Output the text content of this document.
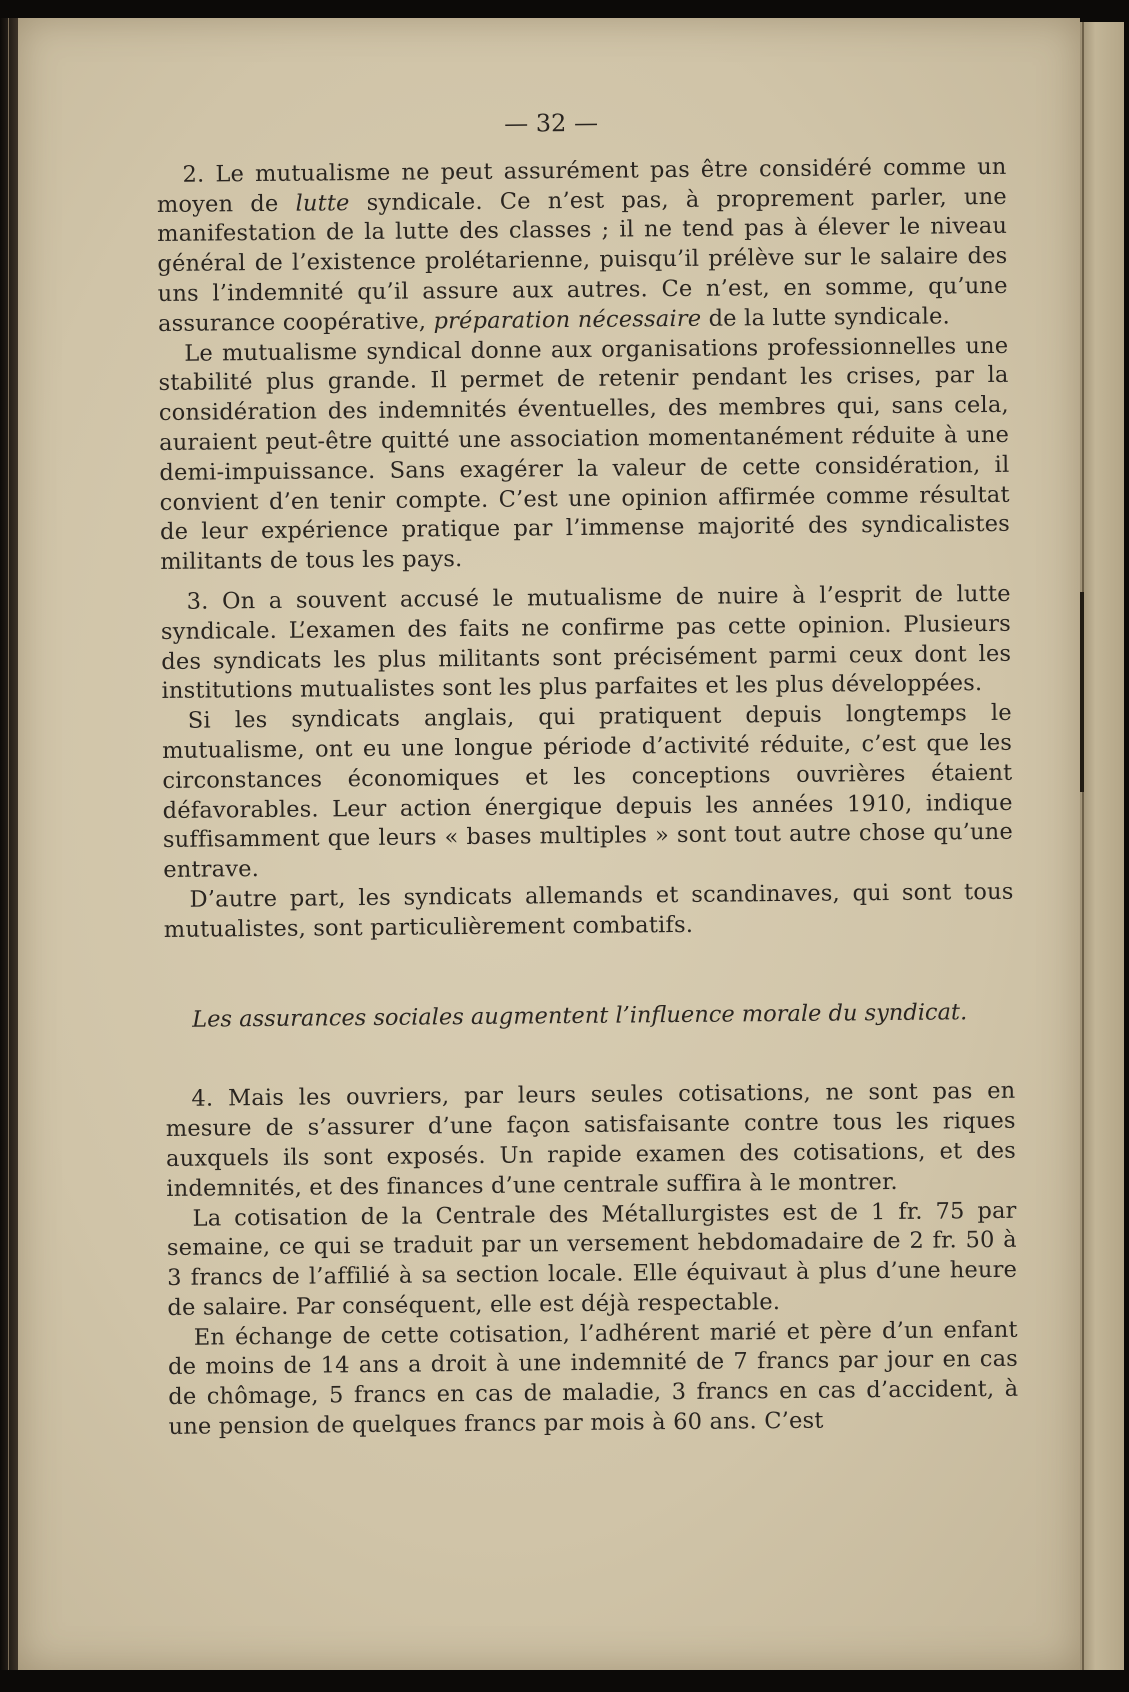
— 32 —

2. Le mutualisme ne peut assurément pas être considéré comme un moyen de lutte syndicale. Ce n’est pas, à proprement parler, une manifestation de la lutte des classes ; il ne tend pas à élever le niveau général de l’existence prolétarienne, puisqu’il prélève sur le salaire des uns l’indemnité qu’il assure aux autres. Ce n’est, en somme, qu’une assurance coopérative, préparation nécessaire de la lutte syndicale.

Le mutualisme syndical donne aux organisations professionnelles une stabilité plus grande. Il permet de retenir pendant les crises, par la considération des indemnités éventuelles, des membres qui, sans cela, auraient peut-être quitté une association momentanément réduite à une demi-impuissance. Sans exagérer la valeur de cette considération, il convient d’en tenir compte. C’est une opinion affirmée comme résultat de leur expérience pratique par l’immense majorité des syndicalistes militants de tous les pays.

3. On a souvent accusé le mutualisme de nuire à l’esprit de lutte syndicale. L’examen des faits ne confirme pas cette opinion. Plusieurs des syndicats les plus militants sont précisément parmi ceux dont les institutions mutualistes sont les plus parfaites et les plus développées.

Si les syndicats anglais, qui pratiquent depuis longtemps le mutualisme, ont eu une longue période d’activité réduite, c’est que les circonstances économiques et les conceptions ouvrières étaient défavorables. Leur action énergique depuis les années 1910, indique suffisamment que leurs « bases multiples » sont tout autre chose qu’une entrave.

D’autre part, les syndicats allemands et scandinaves, qui sont tous mutualistes, sont particulièrement combatifs.

Les assurances sociales augmentent l’influence morale du syndicat.

4. Mais les ouvriers, par leurs seules cotisations, ne sont pas en mesure de s’assurer d’une façon satisfaisante contre tous les riques auxquels ils sont exposés. Un rapide examen des cotisations, et des indemnités, et des finances d’une centrale suffira à le montrer.

La cotisation de la Centrale des Métallurgistes est de 1 fr. 75 par semaine, ce qui se traduit par un versement hebdomadaire de 2 fr. 50 à 3 francs de l’affilié à sa section locale. Elle équivaut à plus d’une heure de salaire. Par conséquent, elle est déjà respectable.

En échange de cette cotisation, l’adhérent marié et père d’un enfant de moins de 14 ans a droit à une indemnité de 7 francs par jour en cas de chômage, 5 francs en cas de maladie, 3 francs en cas d’accident, à une pension de quelques francs par mois à 60 ans. C’est
